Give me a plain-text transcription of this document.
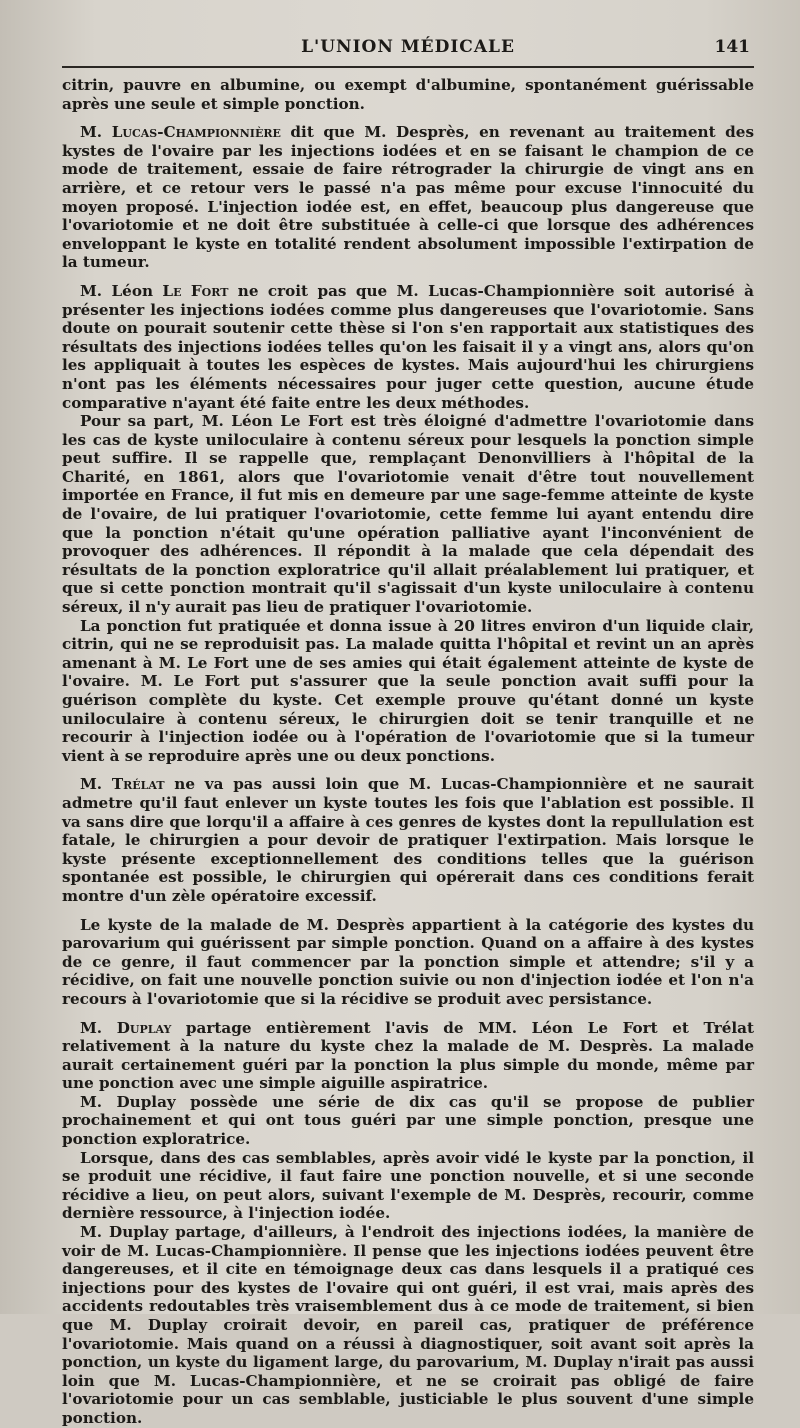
L'UNION MÉDICALE	141

citrin, pauvre en albumine, ou exempt d'albumine, spontanément guérissable après une seule et simple ponction.

M. Lucas-Championnière dit que M. Desprès, en revenant au traitement des kystes de l'ovaire par les injections iodées et en se faisant le champion de ce mode de traitement, essaie de faire rétrograder la chirurgie de vingt ans en arrière, et ce retour vers le passé n'a pas même pour excuse l'innocuité du moyen proposé. L'injection iodée est, en effet, beaucoup plus dangereuse que l'ovariotomie et ne doit être substituée à celle-ci que lorsque des adhérences enveloppant le kyste en totalité rendent absolument impossible l'extirpation de la tumeur.

M. Léon Le Fort ne croit pas que M. Lucas-Championnière soit autorisé à présenter les injections iodées comme plus dangereuses que l'ovariotomie. Sans doute on pourait soutenir cette thèse si l'on s'en rapportait aux statistiques des résultats des injections iodées telles qu'on les faisait il y a vingt ans, alors qu'on les appliquait à toutes les espèces de kystes. Mais aujourd'hui les chirurgiens n'ont pas les éléments nécessaires pour juger cette question, aucune étude comparative n'ayant été faite entre les deux méthodes.

Pour sa part, M. Léon Le Fort est très éloigné d'admettre l'ovariotomie dans les cas de kyste uniloculaire à contenu séreux pour lesquels la ponction simple peut suffire. Il se rappelle que, remplaçant Denonvilliers à l'hôpital de la Charité, en 1861, alors que l'ovariotomie venait d'être tout nouvellement importée en France, il fut mis en demeure par une sage-femme atteinte de kyste de l'ovaire, de lui pratiquer l'ovariotomie, cette femme lui ayant entendu dire que la ponction n'était qu'une opération palliative ayant l'inconvénient de provoquer des adhérences. Il répondit à la malade que cela dépendait des résultats de la ponction exploratrice qu'il allait préalablement lui pratiquer, et que si cette ponction montrait qu'il s'agissait d'un kyste uniloculaire à contenu séreux, il n'y aurait pas lieu de pratiquer l'ovariotomie.

La ponction fut pratiquée et donna issue à 20 litres environ d'un liquide clair, citrin, qui ne se reproduisit pas. La malade quitta l'hôpital et revint un an après amenant à M. Le Fort une de ses amies qui était également atteinte de kyste de l'ovaire. M. Le Fort put s'assurer que la seule ponction avait suffi pour la guérison complète du kyste. Cet exemple prouve qu'étant donné un kyste uniloculaire à contenu séreux, le chirurgien doit se tenir tranquille et ne recourir à l'injection iodée ou à l'opération de l'ovariotomie que si la tumeur vient à se reproduire après une ou deux ponctions.

M. Trélat ne va pas aussi loin que M. Lucas-Championnière et ne saurait admetre qu'il faut enlever un kyste toutes les fois que l'ablation est possible. Il va sans dire que lorqu'il a affaire à ces genres de kystes dont la repullulation est fatale, le chirurgien a pour devoir de pratiquer l'extirpation. Mais lorsque le kyste présente exceptionnellement des conditions telles que la guérison spontanée est possible, le chirurgien qui opérerait dans ces conditions ferait montre d'un zèle opératoire excessif.

Le kyste de la malade de M. Desprès appartient à la catégorie des kystes du parovarium qui guérissent par simple ponction. Quand on a affaire à des kystes de ce genre, il faut commencer par la ponction simple et attendre; s'il y a récidive, on fait une nouvelle ponction suivie ou non d'injection iodée et l'on n'a recours à l'ovariotomie que si la récidive se produit avec persistance.

M. Duplay partage entièrement l'avis de MM. Léon Le Fort et Trélat relativement à la nature du kyste chez la malade de M. Desprès. La malade aurait certainement guéri par la ponction la plus simple du monde, même par une ponction avec une simple aiguille aspiratrice.

M. Duplay possède une série de dix cas qu'il se propose de publier prochainement et qui ont tous guéri par une simple ponction, presque une ponction exploratrice.

Lorsque, dans des cas semblables, après avoir vidé le kyste par la ponction, il se produit une récidive, il faut faire une ponction nouvelle, et si une seconde récidive a lieu, on peut alors, suivant l'exemple de M. Desprès, recourir, comme dernière ressource, à l'injection iodée.

M. Duplay partage, d'ailleurs, à l'endroit des injections iodées, la manière de voir de M. Lucas-Championnière. Il pense que les injections iodées peuvent être dangereuses, et il cite en témoignage deux cas dans lesquels il a pratiqué ces injections pour des kystes de l'ovaire qui ont guéri, il est vrai, mais après des accidents redoutables très vraisemblement dus à ce mode de traitement, si bien que M. Duplay croirait devoir, en pareil cas, pratiquer de préférence l'ovariotomie. Mais quand on a réussi à diagnostiquer, soit avant soit après la ponction, un kyste du ligament large, du parovarium, M. Duplay n'irait pas aussi loin que M. Lucas-Championnière, et ne se croirait pas obligé de faire l'ovariotomie pour un cas semblable, justiciable le plus souvent d'une simple ponction.
